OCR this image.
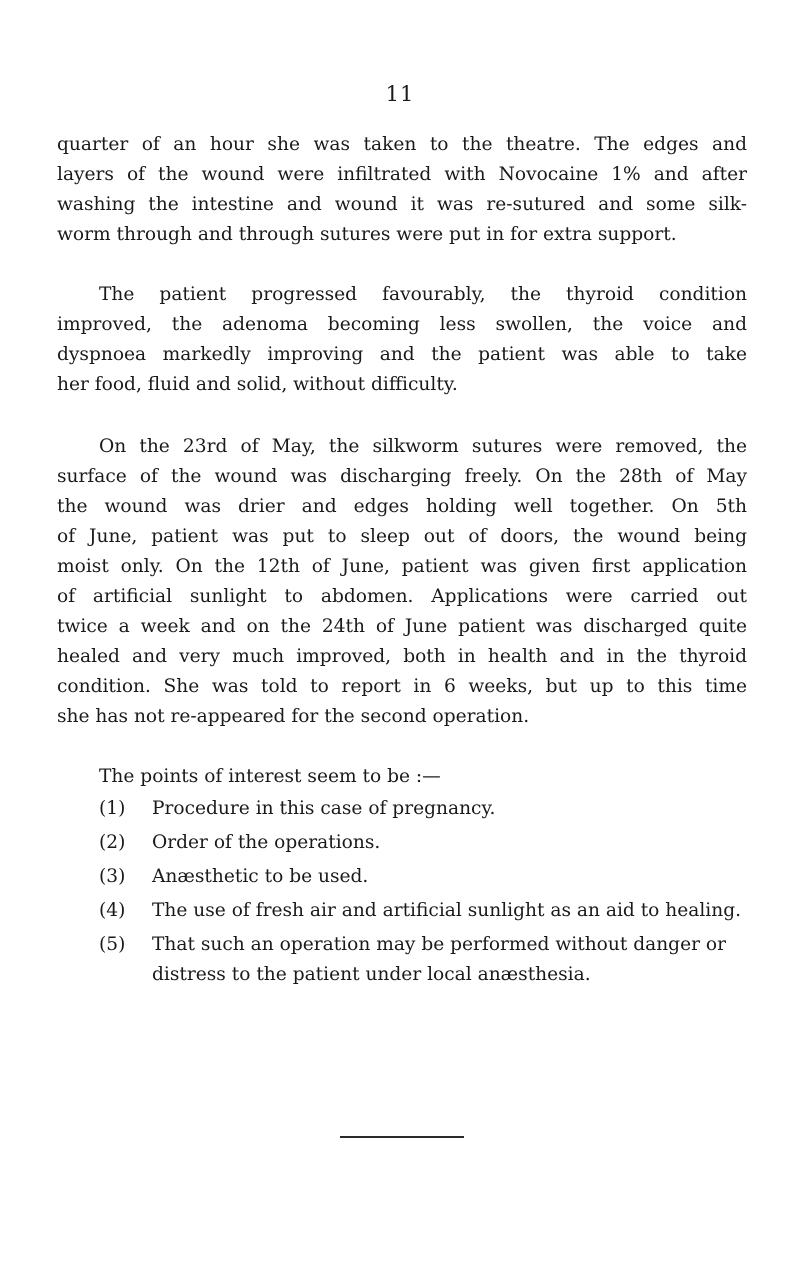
11
quarter of an hour she was taken to the theatre. The edges and
layers of the wound were infiltrated with Novocaine 1% and after
washing the intestine and wound it was re-sutured and some silk-
worm through and through sutures were put in for extra support.
The patient progressed favourably, the thyroid condition
improved, the adenoma becoming less swollen, the voice and
dyspnoea markedly improving and the patient was able to take
her food, fluid and solid, without difficulty.
On the 23rd of May, the silkworm sutures were removed, the
surface of the wound was discharging freely. On the 28th of May
the wound was drier and edges holding well together. On 5th
of June, patient was put to sleep out of doors, the wound being
moist only. On the 12th of June, patient was given first application
of artificial sunlight to abdomen. Applications were carried out
twice a week and on the 24th of June patient was discharged quite
healed and very much improved, both in health and in the thyroid
condition. She was told to report in 6 weeks, but up to this time
she has not re-appeared for the second operation.
The points of interest seem to be :—
(1)	Procedure in this case of pregnancy.
(2)	Order of the operations.
(3)	Anæsthetic to be used.
(4)	The use of fresh air and artificial sunlight as an aid to healing.
(5)	That such an operation may be performed without danger or distress to the patient under local anæsthesia.
